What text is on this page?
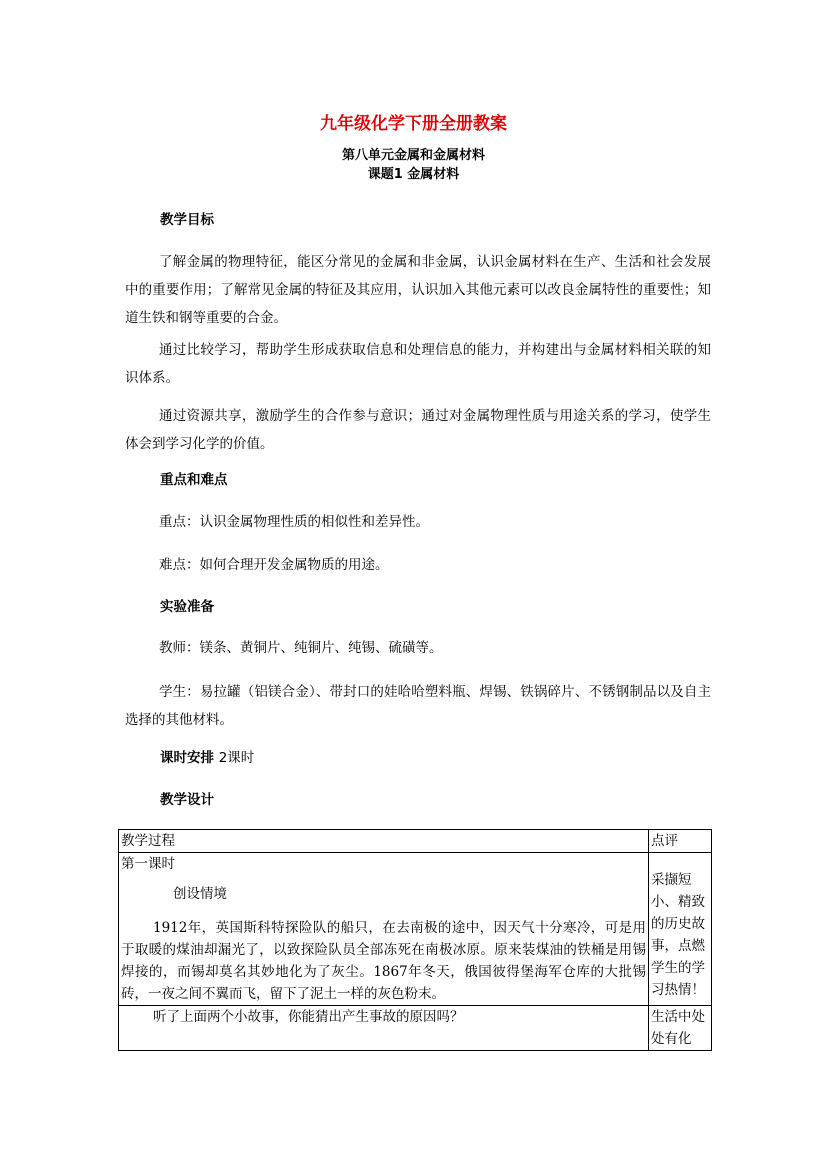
九年级化学下册全册教案
第八单元金属和金属材料
课题1 金属材料
教学目标
了解金属的物理特征，能区分常见的金属和非金属，认识金属材料在生产、生活和社会发展中的重要作用；了解常见金属的特征及其应用，认识加入其他元素可以改良金属特性的重要性；知道生铁和钢等重要的合金。
通过比较学习，帮助学生形成获取信息和处理信息的能力，并构建出与金属材料相关联的知识体系。
通过资源共享，激励学生的合作参与意识；通过对金属物理性质与用途关系的学习，使学生体会到学习化学的价值。
重点和难点
重点：认识金属物理性质的相似性和差异性。
难点：如何合理开发金属物质的用途。
实验准备
教师：镁条、黄铜片、纯铜片、纯锡、硫磺等。
学生：易拉罐（铝镁合金）、带封口的娃哈哈塑料瓶、焊锡、铁锅碎片、不锈钢制品以及自主选择的其他材料。
课时安排 2课时
教学设计
教学过程	点评

第一课时
创设情境
1912年，英国斯科特探险队的船只，在去南极的途中，因天气十分寒冷，可是用于取暖的煤油却漏光了，以致探险队员全部冻死在南极冰原。原来装煤油的铁桶是用锡焊接的，而锡却莫名其妙地化为了灰尘。1867年冬天，俄国彼得堡海军仓库的大批锡砖，一夜之间不翼而飞，留下了泥土一样的灰色粉末。	采撷短小、精致的历史故事，点燃学生的学习热情！

听了上面两个小故事，你能猜出产生事故的原因吗？	生活中处处有化
